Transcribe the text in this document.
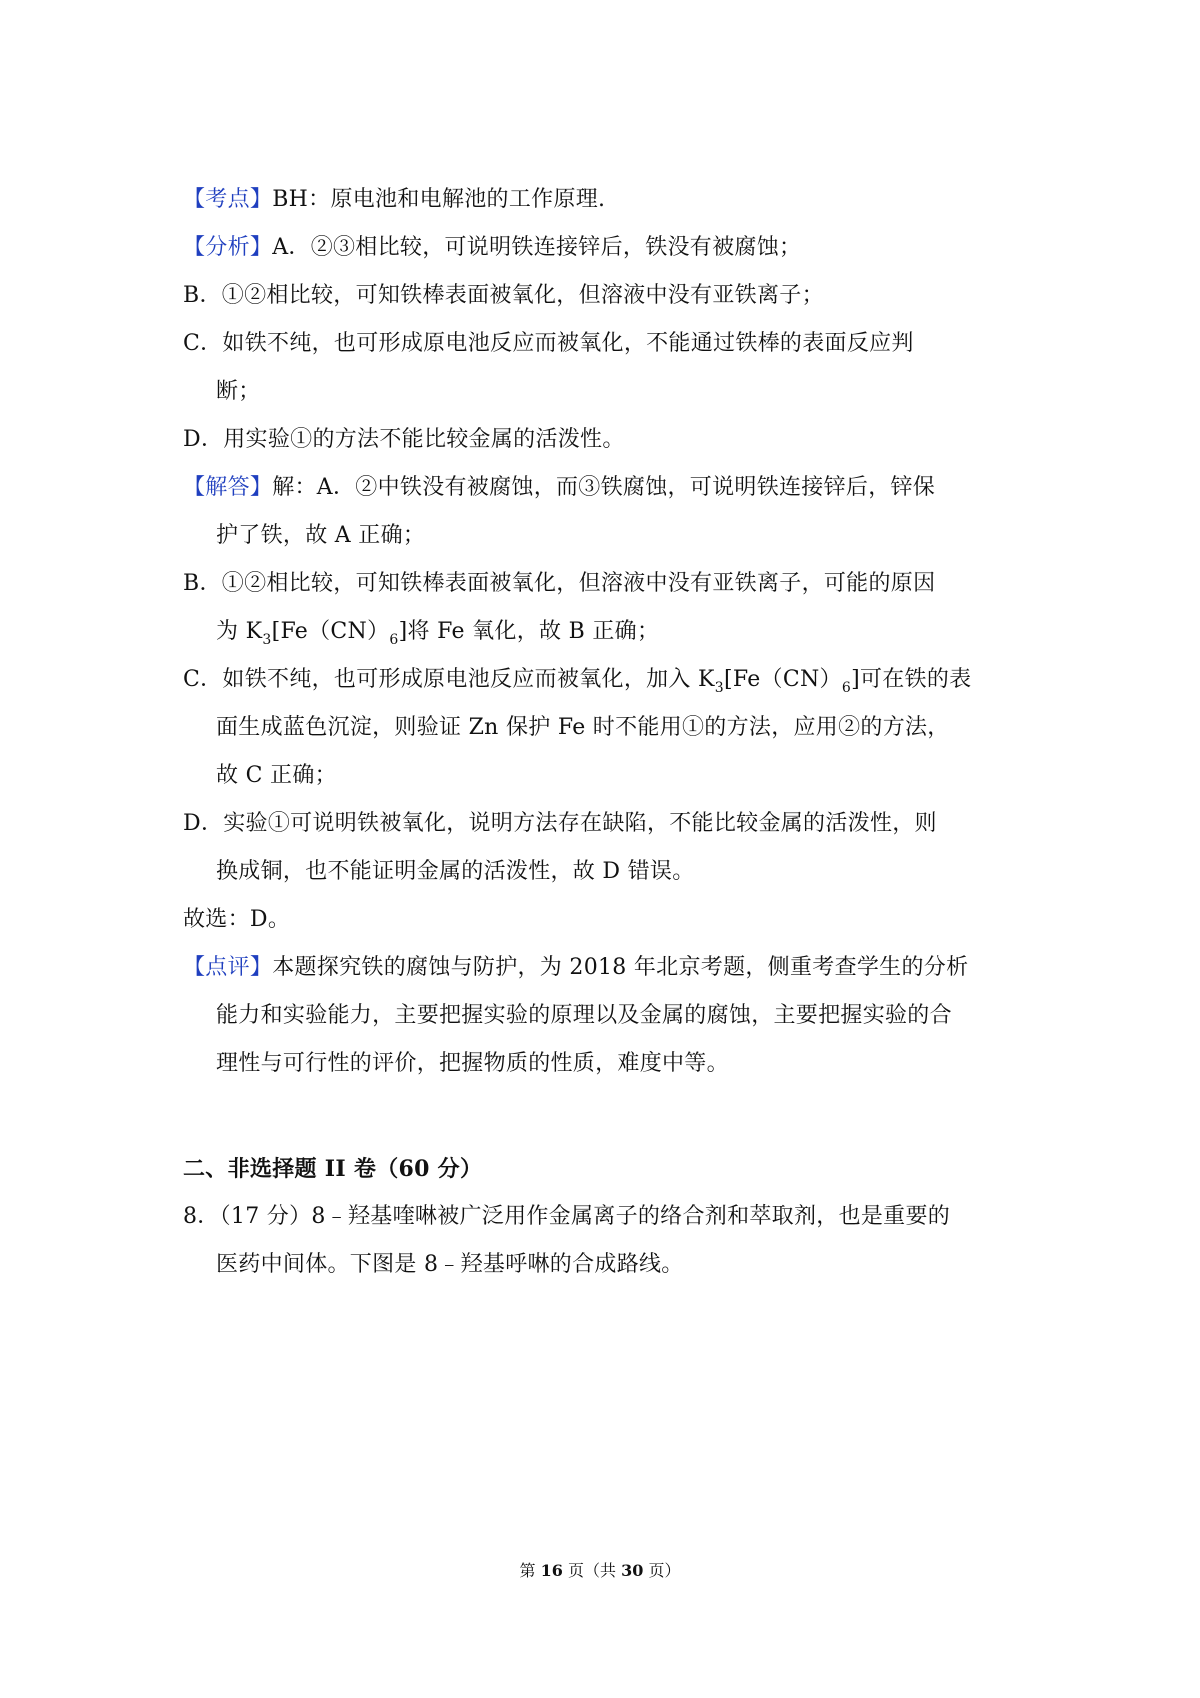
【考点】BH：原电池和电解池的工作原理.
【分析】A．②③相比较，可说明铁连接锌后，铁没有被腐蚀；
B．①②相比较，可知铁棒表面被氧化，但溶液中没有亚铁离子；
C．如铁不纯，也可形成原电池反应而被氧化，不能通过铁棒的表面反应判
断；
D．用实验①的方法不能比较金属的活泼性。
【解答】解：A．②中铁没有被腐蚀，而③铁腐蚀，可说明铁连接锌后，锌保
护了铁，故 A 正确；
B．①②相比较，可知铁棒表面被氧化，但溶液中没有亚铁离子，可能的原因
为 $K_3[Fe(CN)_6]$将 Fe 氧化，故 B 正确；
C．如铁不纯，也可形成原电池反应而被氧化，加入 $K_3[Fe(CN)_6]$可在铁的表
面生成蓝色沉淀，则验证 Zn 保护 Fe 时不能用①的方法，应用②的方法，
故 C 正确；
D．实验①可说明铁被氧化，说明方法存在缺陷，不能比较金属的活泼性，则
换成铜，也不能证明金属的活泼性，故 D 错误。
故选：D。
【点评】本题探究铁的腐蚀与防护，为 2018 年北京考题，侧重考查学生的分析
能力和实验能力，主要把握实验的原理以及金属的腐蚀，主要把握实验的合
理性与可行性的评价，把握物质的性质，难度中等。
二、非选择题 II 卷（60 分）
8．（17 分）8﹣羟基喹啉被广泛用作金属离子的络合剂和萃取剂，也是重要的
医药中间体。下图是 8﹣羟基呼啉的合成路线。
第 16 页（共 30 页）
